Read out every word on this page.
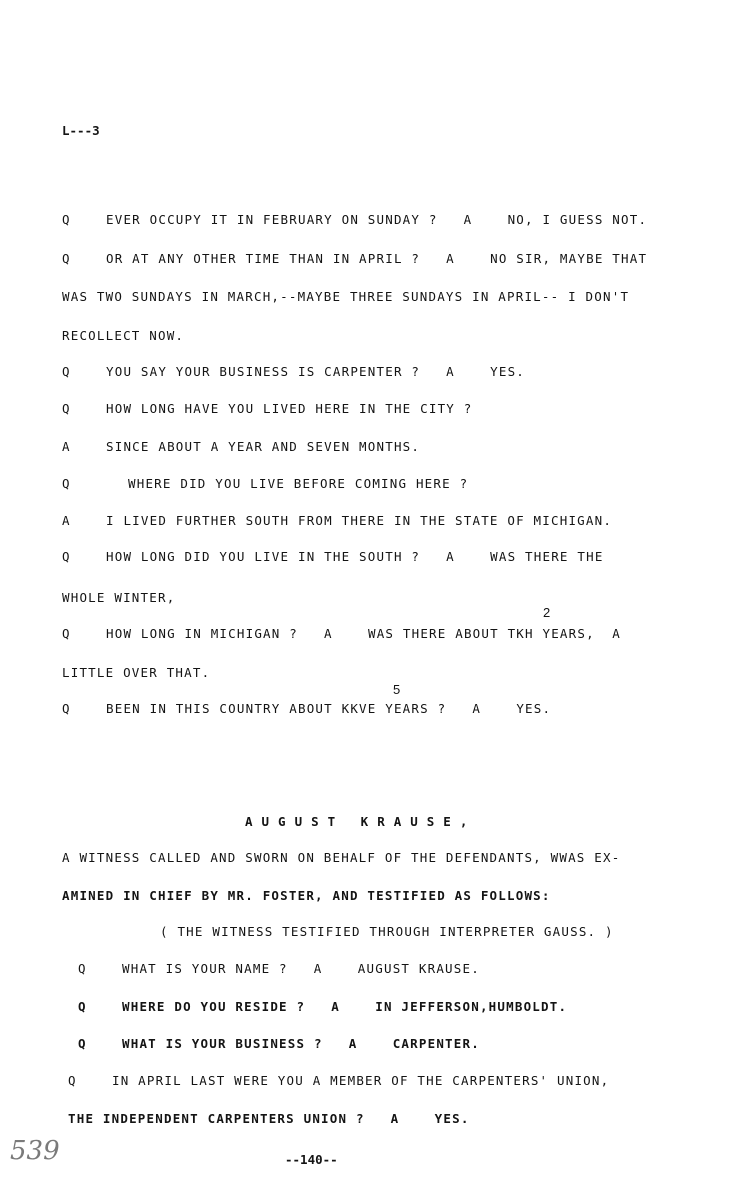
L---3
Q	EVER OCCUPY IT IN FEBRUARY ON SUNDAY ? A	NO, I GUESS NOT.
Q	OR AT ANY OTHER TIME THAN IN APRIL ? A	NO SIR, MAYBE THAT
WAS TWO SUNDAYS IN MARCH,--MAYBE THREE SUNDAYS IN APRIL-- I DON'T
RECOLLECT NOW.
Q	YOU SAY YOUR BUSINESS IS CARPENTER ? A	YES.
Q	HOW LONG HAVE YOU LIVED HERE IN THE CITY ?
A	SINCE ABOUT A YEAR AND SEVEN MONTHS.
Q	WHERE DID YOU LIVE BEFORE COMING HERE ?
A	I LIVED FURTHER SOUTH FROM THERE IN THE STATE OF MICHIGAN.
Q	HOW LONG DID YOU LIVE IN THE SOUTH ? A	WAS THERE THE
WHOLE WINTER,
2
Q	HOW LONG IN MICHIGAN ? A	WAS THERE ABOUT TKH YEARS,  A
LITTLE OVER THAT.
5
Q	BEEN IN THIS COUNTRY ABOUT KKVE YEARS ? A	YES.
AUGUST KRAUSE,
A WITNESS CALLED AND SWORN ON BEHALF OF THE DEFENDANTS, WWAS EX-
AMINED IN CHIEF BY MR. FOSTER, AND TESTIFIED AS FOLLOWS:
( THE WITNESS TESTIFIED THROUGH INTERPRETER GAUSS. )
Q	WHAT IS YOUR NAME ? A	AUGUST KRAUSE.
Q	WHERE DO YOU RESIDE ? A	IN JEFFERSON,HUMBOLDT.
Q	WHAT IS YOUR BUSINESS ? A	CARPENTER.
Q	IN APRIL LAST WERE YOU A MEMBER OF THE CARPENTERS' UNION,
THE INDEPENDENT CARPENTERS UNION ? A	YES.
539	--140--
